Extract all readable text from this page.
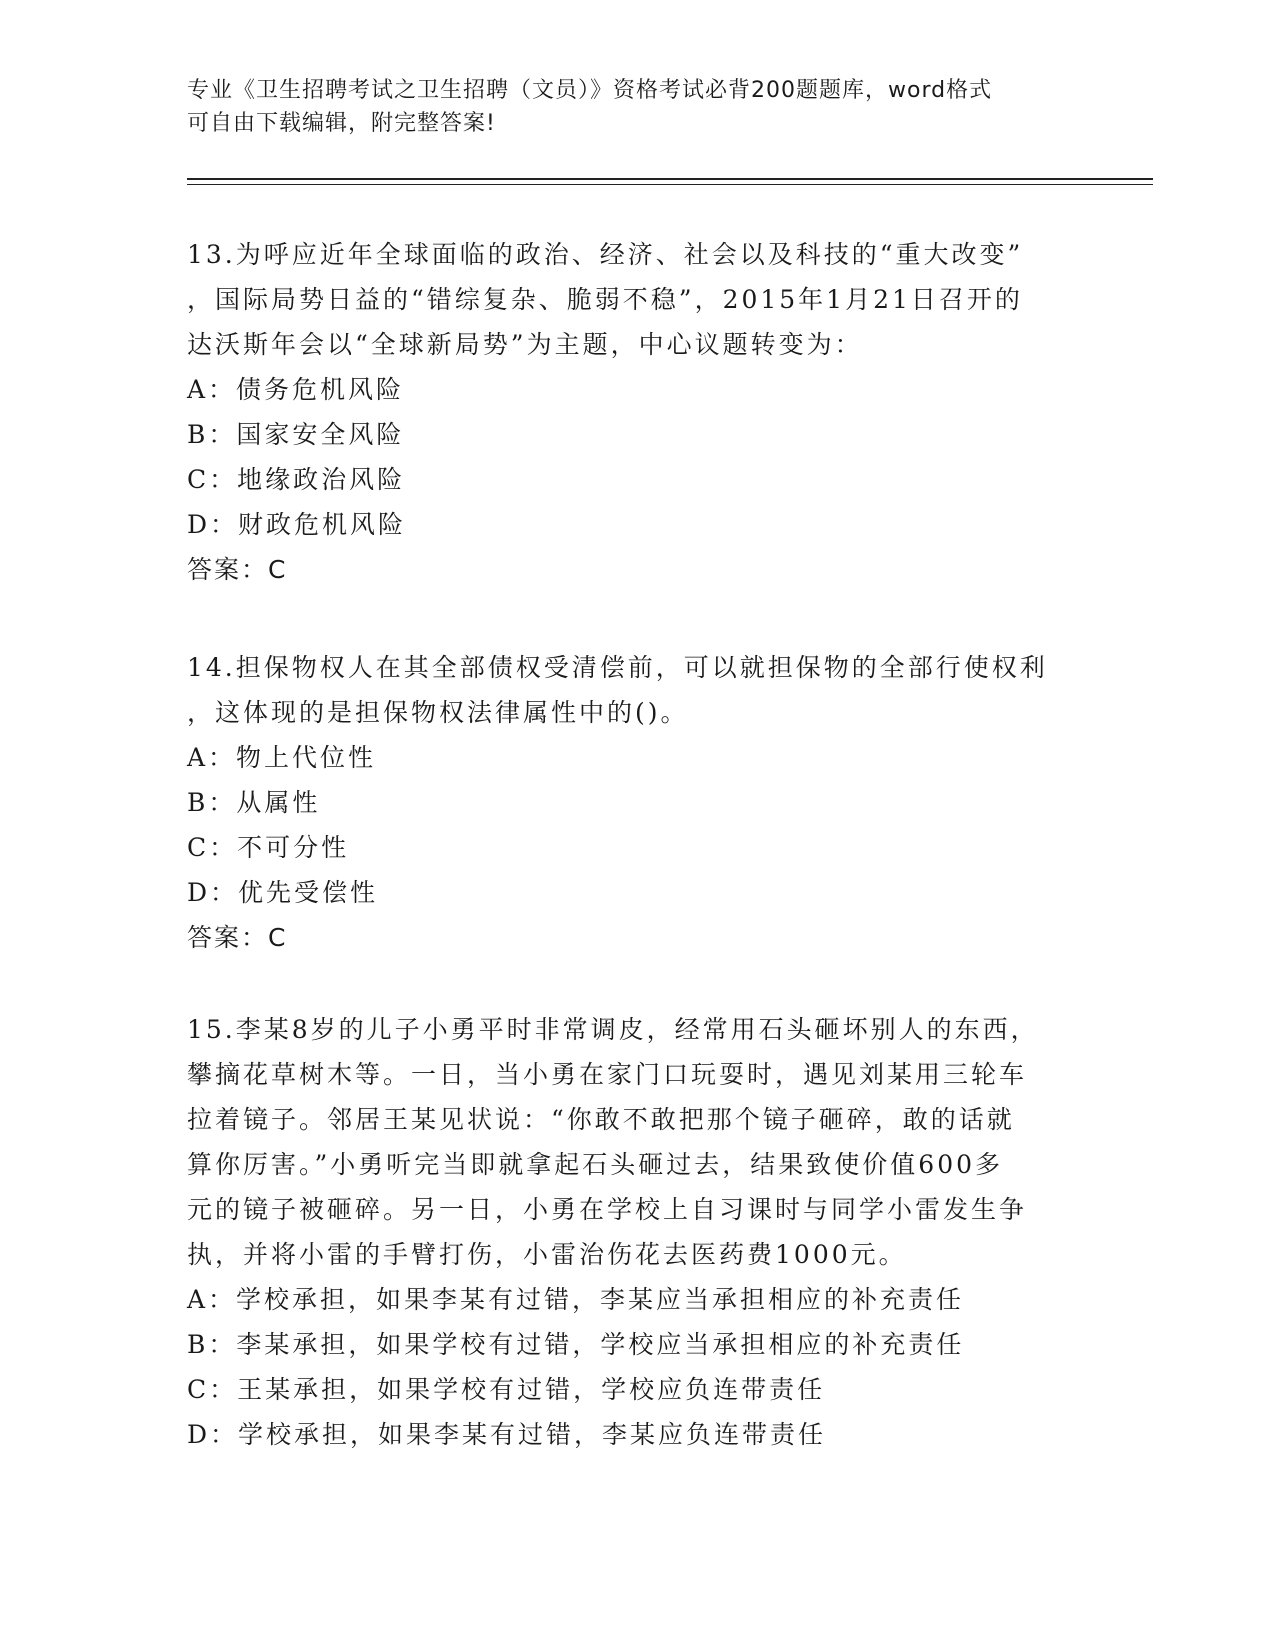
专业《卫生招聘考试之卫生招聘（文员）》资格考试必背200题题库，word格式
可自由下载编辑，附完整答案!
13.为呼应近年全球面临的政治、经济、社会以及科技的“重大改变”
，国际局势日益的“错综复杂、脆弱不稳”，2015年1月21日召开的
达沃斯年会以“全球新局势”为主题，中心议题转变为：
A：债务危机风险
B：国家安全风险
C：地缘政治风险
D：财政危机风险
答案：C
14.担保物权人在其全部债权受清偿前，可以就担保物的全部行使权利
，这体现的是担保物权法律属性中的()。
A：物上代位性
B：从属性
C：不可分性
D：优先受偿性
答案：C
15.李某8岁的儿子小勇平时非常调皮，经常用石头砸坏别人的东西，
攀摘花草树木等。一日，当小勇在家门口玩耍时，遇见刘某用三轮车
拉着镜子。邻居王某见状说：“你敢不敢把那个镜子砸碎，敢的话就
算你厉害。”小勇听完当即就拿起石头砸过去，结果致使价值600多
元的镜子被砸碎。另一日，小勇在学校上自习课时与同学小雷发生争
执，并将小雷的手臂打伤，小雷治伤花去医药费1000元。
A：学校承担，如果李某有过错，李某应当承担相应的补充责任
B：李某承担，如果学校有过错，学校应当承担相应的补充责任
C：王某承担，如果学校有过错，学校应负连带责任
D：学校承担，如果李某有过错，李某应负连带责任
